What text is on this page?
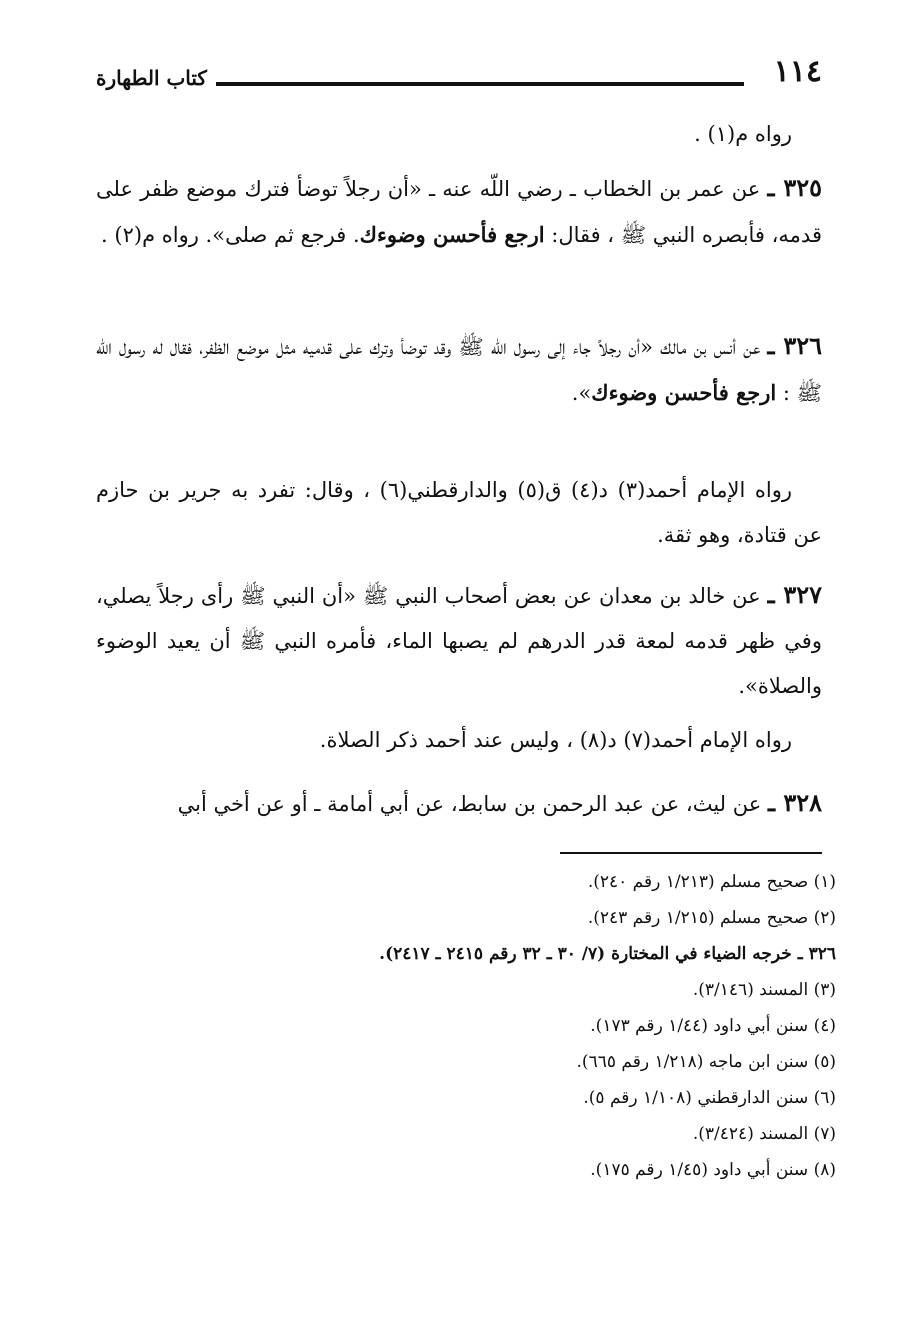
١١٤
كتاب الطهارة

رواه م(١) .

٣٢٥ ـ عن عمر بن الخطاب ـ رضي اللّه عنه ـ «أن رجلاً توضأ فترك موضع ظفر على قدمه، فأبصره النبي ﷺ ، فقال: ارجع فأحسن وضوءك. فرجع ثم صلى». رواه م(٢) .

٣٢٦ ـ عن أنس بن مالك «أن رجلاً جاء إلى رسول اللّه ﷺ وقد توضأ وترك على قدميه مثل موضع الظفر، فقال له رسول اللّه ﷺ : ارجع فأحسن وضوءك».

رواه الإمام أحمد(٣) د(٤) ق(٥) والدارقطني(٦) ، وقال: تفرد به جرير بن حازم عن قتادة، وهو ثقة.

٣٢٧ ـ عن خالد بن معدان عن بعض أصحاب النبي ﷺ «أن النبي ﷺ رأى رجلاً يصلي، وفي ظهر قدمه لمعة قدر الدرهم لم يصبها الماء، فأمره النبي ﷺ أن يعيد الوضوء والصلاة».

رواه الإمام أحمد(٧) د(٨) ، وليس عند أحمد ذكر الصلاة.

٣٢٨ ـ عن ليث، عن عبد الرحمن بن سابط، عن أبي أمامة ـ أو عن أخي أبي

(١) صحيح مسلم (١/٢١٣ رقم ٢٤٠).
(٢) صحيح مسلم (١/٢١٥ رقم ٢٤٣).
٣٢٦ ـ خرجه الضياء في المختارة (٧/ ٣٠ ـ ٣٢ رقم ٢٤١٥ ـ ٢٤١٧).
(٣) المسند (٣/١٤٦).
(٤) سنن أبي داود (١/٤٤ رقم ١٧٣).
(٥) سنن ابن ماجه (١/٢١٨ رقم ٦٦٥).
(٦) سنن الدارقطني (١/١٠٨ رقم ٥).
(٧) المسند (٣/٤٢٤).
(٨) سنن أبي داود (١/٤٥ رقم ١٧٥).
